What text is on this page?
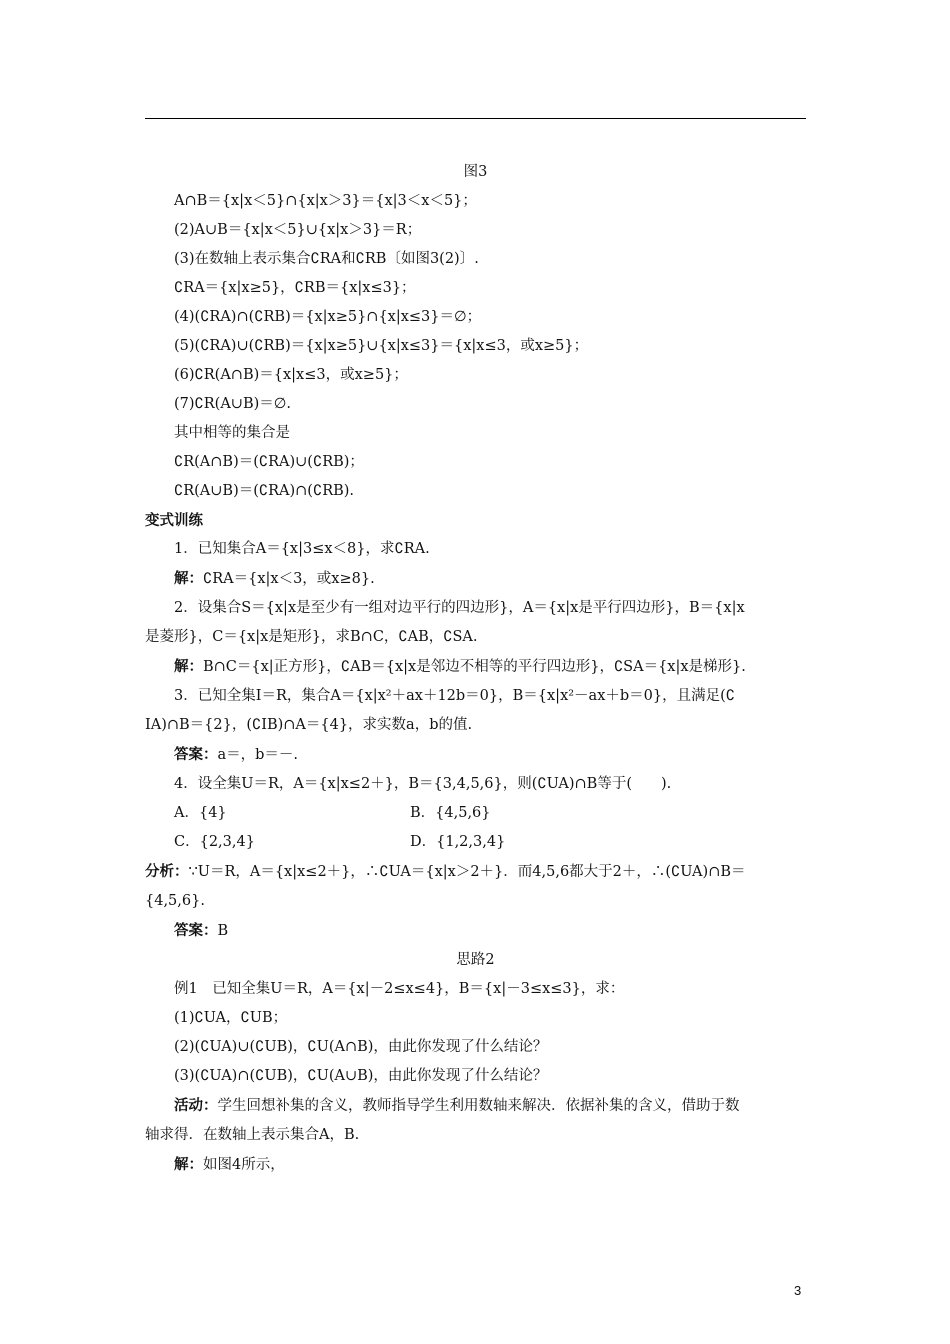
图3
A∩B＝{x|x＜5}∩{x|x＞3}＝{x|3＜x＜5}；
(2)A∪B＝{x|x＜5}∪{x|x＞3}＝R；
(3)在数轴上表示集合∁RA和∁RB〔如图3(2)〕.
∁RA＝{x|x≥5}，∁RB＝{x|x≤3}；
(4)(∁RA)∩(∁RB)＝{x|x≥5}∩{x|x≤3}＝∅；
(5)(∁RA)∪(∁RB)＝{x|x≥5}∪{x|x≤3}＝{x|x≤3，或x≥5}；
(6)∁R(A∩B)＝{x|x≤3，或x≥5}；
(7)∁R(A∪B)＝∅.
其中相等的集合是
∁R(A∩B)＝(∁RA)∪(∁RB)；
∁R(A∪B)＝(∁RA)∩(∁RB).
变式训练
1．已知集合A＝{x|3≤x＜8}，求∁RA.
解：∁RA＝{x|x＜3，或x≥8}.
2．设集合S＝{x|x是至少有一组对边平行的四边形}，A＝{x|x是平行四边形}，B＝{x|x
是菱形}，C＝{x|x是矩形}，求B∩C，∁AB，∁SA.
解：B∩C＝{x|正方形}，∁AB＝{x|x是邻边不相等的平行四边形}，∁SA＝{x|x是梯形}.
3．已知全集I＝R，集合A＝{x|x²＋ax＋12b＝0}，B＝{x|x²－ax＋b＝0}，且满足(∁
IA)∩B＝{2}，(∁IB)∩A＝{4}，求实数a，b的值.
答案：a＝，b＝－.
4．设全集U＝R，A＝{x|x≤2＋}，B＝{3,4,5,6}，则(∁UA)∩B等于(　　).
A．{4}	B．{4,5,6}
C．{2,3,4}	D．{1,2,3,4}
分析：∵U＝R，A＝{x|x≤2＋}，∴∁UA＝{x|x＞2＋}．而4,5,6都大于2＋，∴(∁UA)∩B＝
{4,5,6}.
答案：B
思路2
例1　已知全集U＝R，A＝{x|－2≤x≤4}，B＝{x|－3≤x≤3}，求：
(1)∁UA，∁UB；
(2)(∁UA)∪(∁UB)，∁U(A∩B)，由此你发现了什么结论？
(3)(∁UA)∩(∁UB)，∁U(A∪B)，由此你发现了什么结论？
活动：学生回想补集的含义，教师指导学生利用数轴来解决．依据补集的含义，借助于数
轴求得．在数轴上表示集合A，B.
解：如图4所示，
3
